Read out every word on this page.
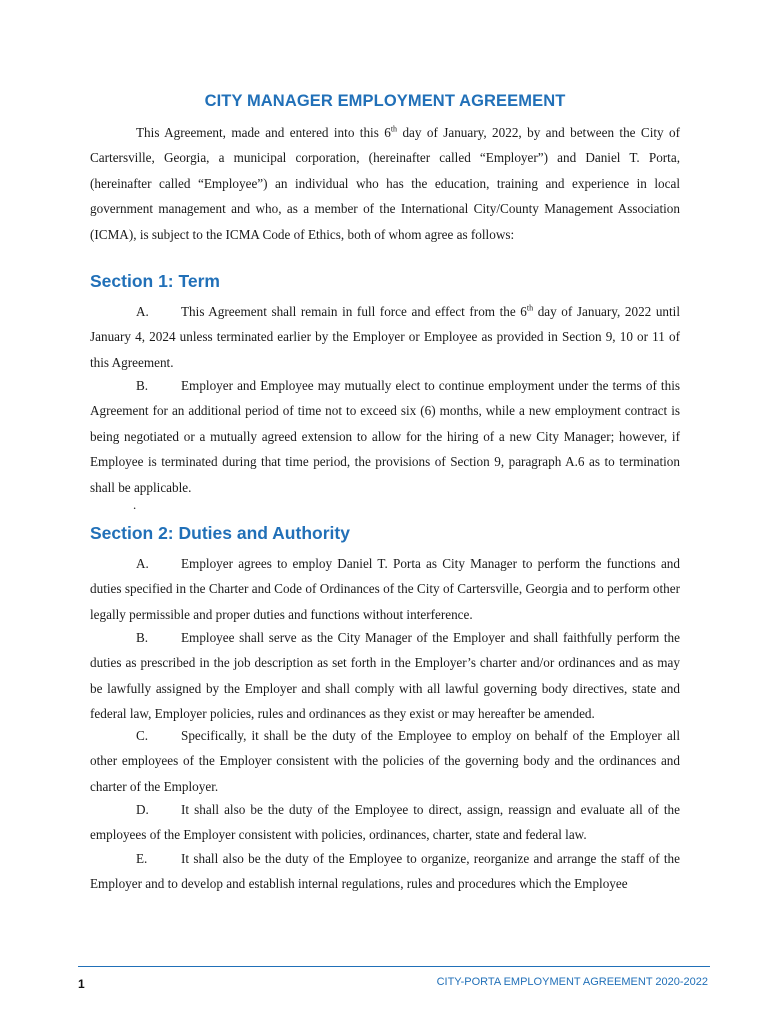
CITY MANAGER EMPLOYMENT AGREEMENT

This Agreement, made and entered into this 6th day of January, 2022, by and between the City of Cartersville, Georgia, a municipal corporation, (hereinafter called “Employer”) and Daniel T. Porta, (hereinafter called “Employee”) an individual who has the education, training and experience in local government management and who, as a member of the International City/County Management Association (ICMA), is subject to the ICMA Code of Ethics, both of whom agree as follows:

Section 1: Term

A. This Agreement shall remain in full force and effect from the 6th day of January, 2022 until January 4, 2024 unless terminated earlier by the Employer or Employee as provided in Section 9, 10 or 11 of this Agreement.

B. Employer and Employee may mutually elect to continue employment under the terms of this Agreement for an additional period of time not to exceed six (6) months, while a new employment contract is being negotiated or a mutually agreed extension to allow for the hiring of a new City Manager; however, if Employee is terminated during that time period, the provisions of Section 9, paragraph A.6 as to termination shall be applicable.

.
Section 2: Duties and Authority

A. Employer agrees to employ Daniel T. Porta as City Manager to perform the functions and duties specified in the Charter and Code of Ordinances of the City of Cartersville, Georgia and to perform other legally permissible and proper duties and functions without interference.

B. Employee shall serve as the City Manager of the Employer and shall faithfully perform the duties as prescribed in the job description as set forth in the Employer’s charter and/or ordinances and as may be lawfully assigned by the Employer and shall comply with all lawful governing body directives, state and federal law, Employer policies, rules and ordinances as they exist or may hereafter be amended.

C. Specifically, it shall be the duty of the Employee to employ on behalf of the Employer all other employees of the Employer consistent with the policies of the governing body and the ordinances and charter of the Employer.

D. It shall also be the duty of the Employee to direct, assign, reassign and evaluate all of the employees of the Employer consistent with policies, ordinances, charter, state and federal law.

E.	It shall also be the duty of the Employee to organize, reorganize and arrange the staff of the Employer and to develop and establish internal regulations, rules and procedures which the Employee

1	CITY-PORTA EMPLOYMENT AGREEMENT 2020-2022
